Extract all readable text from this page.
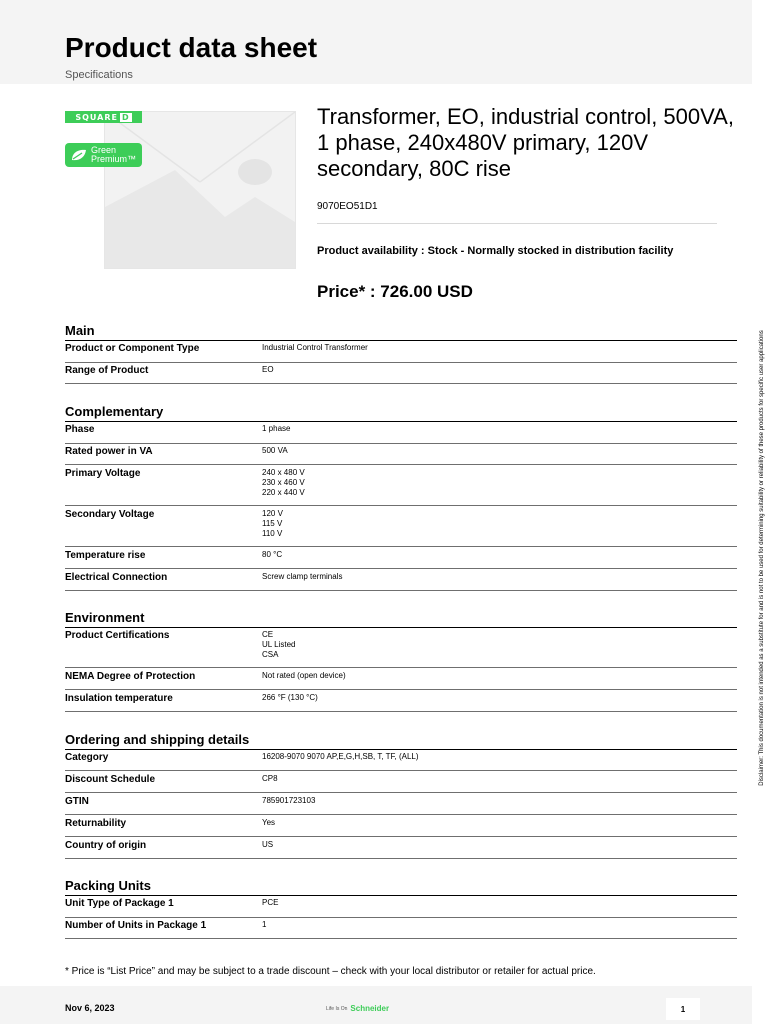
Product data sheet
Specifications
SQUARE D
Green
Premium™
Transformer, EO, industrial control, 500VA, 1 phase, 240x480V primary, 120V secondary, 80C rise
9070EO51D1
Product availability : Stock - Normally stocked in distribution facility
Price* : 726.00 USD
Main
Product or Component Type	Industrial Control Transformer
Range of Product	EO
Complementary
Phase	1 phase
Rated power in VA	500 VA
Primary Voltage	240 x 480 V
230 x 460 V
220 x 440 V
Secondary Voltage	120 V
115 V
110 V
Temperature rise	80 °C
Electrical Connection	Screw clamp terminals
Environment
Product Certifications	CE
UL Listed
CSA
NEMA Degree of Protection	Not rated (open device)
Insulation temperature	266 °F (130 °C)
Ordering and shipping details
Category	16208-9070 9070 AP,E,G,H,SB, T, TF, (ALL)
Discount Schedule	CP8
GTIN	785901723103
Returnability	Yes
Country of origin	US
Packing Units
Unit Type of Package 1	PCE
Number of Units in Package 1	1
Disclaimer: This documentation is not intended as a substitute for and is not to be used for determining suitability or reliability of these products for specific user applications
* Price is “List Price” and may be subject to a trade discount – check with your local distributor or retailer for actual price.
Nov 6, 2023	Life Is On Schneider	1
